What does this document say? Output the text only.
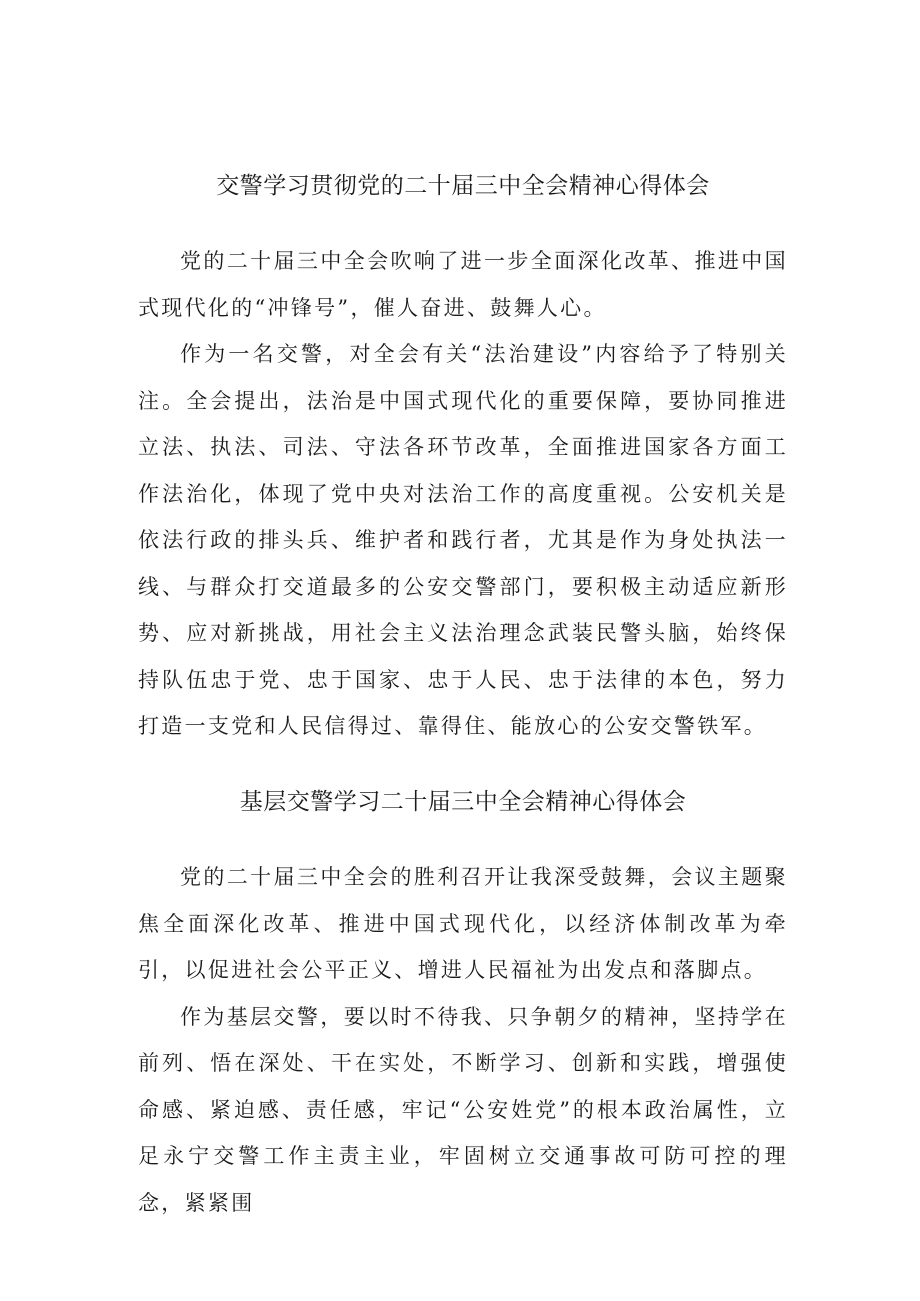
交警学习贯彻党的二十届三中全会精神心得体会

党的二十届三中全会吹响了进一步全面深化改革、推进中国式现代化的“冲锋号”，催人奋进、鼓舞人心。

作为一名交警，对全会有关“法治建设”内容给予了特别关注。全会提出，法治是中国式现代化的重要保障，要协同推进立法、执法、司法、守法各环节改革，全面推进国家各方面工作法治化，体现了党中央对法治工作的高度重视。公安机关是依法行政的排头兵、维护者和践行者，尤其是作为身处执法一线、与群众打交道最多的公安交警部门，要积极主动适应新形势、应对新挑战，用社会主义法治理念武装民警头脑，始终保持队伍忠于党、忠于国家、忠于人民、忠于法律的本色，努力打造一支党和人民信得过、靠得住、能放心的公安交警铁军。

基层交警学习二十届三中全会精神心得体会

党的二十届三中全会的胜利召开让我深受鼓舞，会议主题聚焦全面深化改革、推进中国式现代化，以经济体制改革为牵引，以促进社会公平正义、增进人民福祉为出发点和落脚点。

作为基层交警，要以时不待我、只争朝夕的精神，坚持学在前列、悟在深处、干在实处，不断学习、创新和实践，增强使命感、紧迫感、责任感，牢记“公安姓党”的根本政治属性，立足永宁交警工作主责主业，牢固树立交通事故可防可控的理念，紧紧围
